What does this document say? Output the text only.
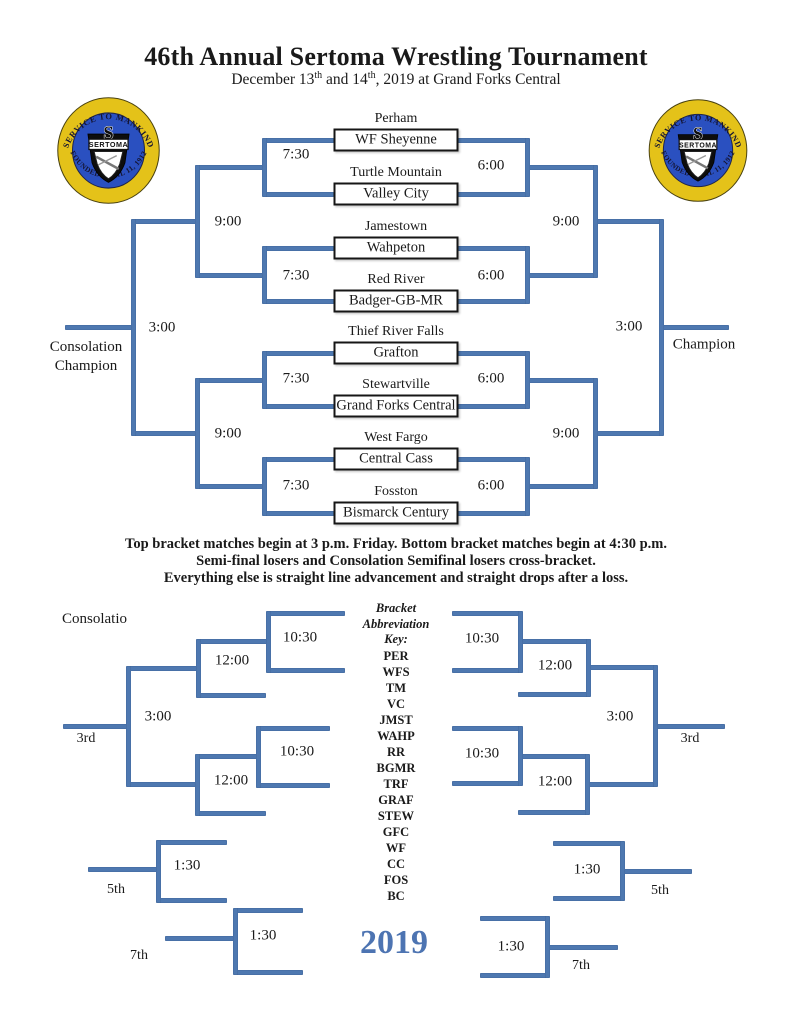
46th Annual Sertoma Wrestling Tournament
December 13th and 14th, 2019 at Grand Forks Central
Perham
WF Sheyenne
Turtle Mountain
Valley City
Jamestown
Wahpeton
Red River
Badger-GB-MR
Thief River Falls
Grafton
Stewartville
Grand Forks Central
West Fargo
Central Cass
Fosston
Bismarck Century
7:30
7:30
7:30
7:30
6:00
6:00
6:00
6:00
9:00
9:00
9:00
9:00
3:00	3:00
Consolation
Champion
Champion
Top bracket matches begin at 3 p.m. Friday. Bottom bracket matches begin at 4:30 p.m.
Semi-final losers and Consolation Semifinal losers cross-bracket.
Everything else is straight line advancement and straight drops after a loss.
Consolatio
10:30
12:00
3:00
10:30
12:00
3rd
10:30
12:00
3:00
10:30
12:00
3rd
1:30
5th
1:30
7th
1:30
5th
1:30
7th
Bracket
Abbreviation
Key:
PER
WFS
TM
VC
JMST
WAHP
RR
BGMR
TRF
GRAF
STEW
GFC
WF
CC
FOS
BC
2019
